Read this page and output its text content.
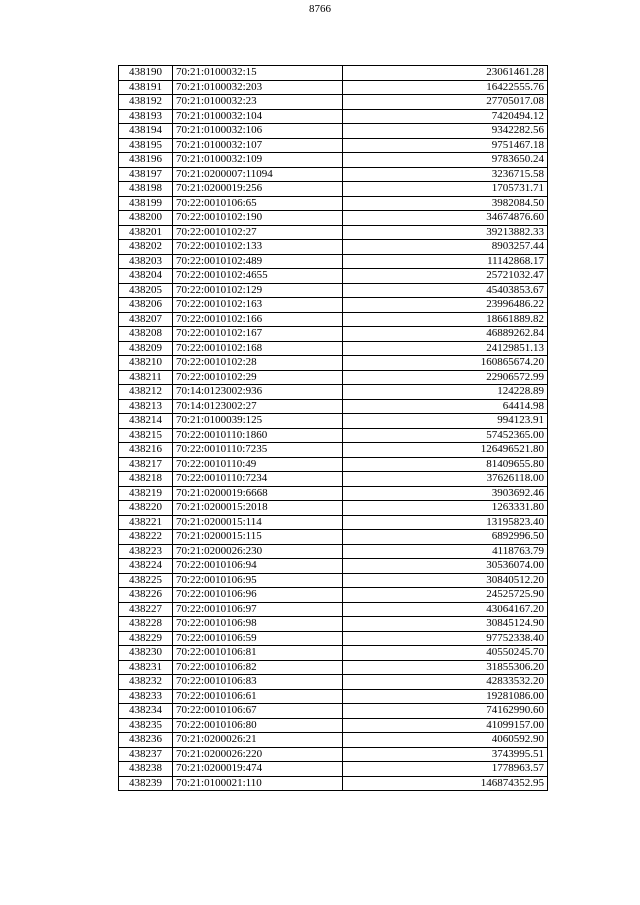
8766
438190	70:21:0100032:15	23061461.28
438191	70:21:0100032:203	16422555.76
438192	70:21:0100032:23	27705017.08
438193	70:21:0100032:104	7420494.12
438194	70:21:0100032:106	9342282.56
438195	70:21:0100032:107	9751467.18
438196	70:21:0100032:109	9783650.24
438197	70:21:0200007:11094	3236715.58
438198	70:21:0200019:256	1705731.71
438199	70:22:0010106:65	3982084.50
438200	70:22:0010102:190	34674876.60
438201	70:22:0010102:27	39213882.33
438202	70:22:0010102:133	8903257.44
438203	70:22:0010102:489	11142868.17
438204	70:22:0010102:4655	25721032.47
438205	70:22:0010102:129	45403853.67
438206	70:22:0010102:163	23996486.22
438207	70:22:0010102:166	18661889.82
438208	70:22:0010102:167	46889262.84
438209	70:22:0010102:168	24129851.13
438210	70:22:0010102:28	160865674.20
438211	70:22:0010102:29	22906572.99
438212	70:14:0123002:936	124228.89
438213	70:14:0123002:27	64414.98
438214	70:21:0100039:125	994123.91
438215	70:22:0010110:1860	57452365.00
438216	70:22:0010110:7235	126496521.80
438217	70:22:0010110:49	81409655.80
438218	70:22:0010110:7234	37626118.00
438219	70:21:0200019:6668	3903692.46
438220	70:21:0200015:2018	1263331.80
438221	70:21:0200015:114	13195823.40
438222	70:21:0200015:115	6892996.50
438223	70:21:0200026:230	4118763.79
438224	70:22:0010106:94	30536074.00
438225	70:22:0010106:95	30840512.20
438226	70:22:0010106:96	24525725.90
438227	70:22:0010106:97	43064167.20
438228	70:22:0010106:98	30845124.90
438229	70:22:0010106:59	97752338.40
438230	70:22:0010106:81	40550245.70
438231	70:22:0010106:82	31855306.20
438232	70:22:0010106:83	42833532.20
438233	70:22:0010106:61	19281086.00
438234	70:22:0010106:67	74162990.60
438235	70:22:0010106:80	41099157.00
438236	70:21:0200026:21	4060592.90
438237	70:21:0200026:220	3743995.51
438238	70:21:0200019:474	1778963.57
438239	70:21:0100021:110	146874352.95
